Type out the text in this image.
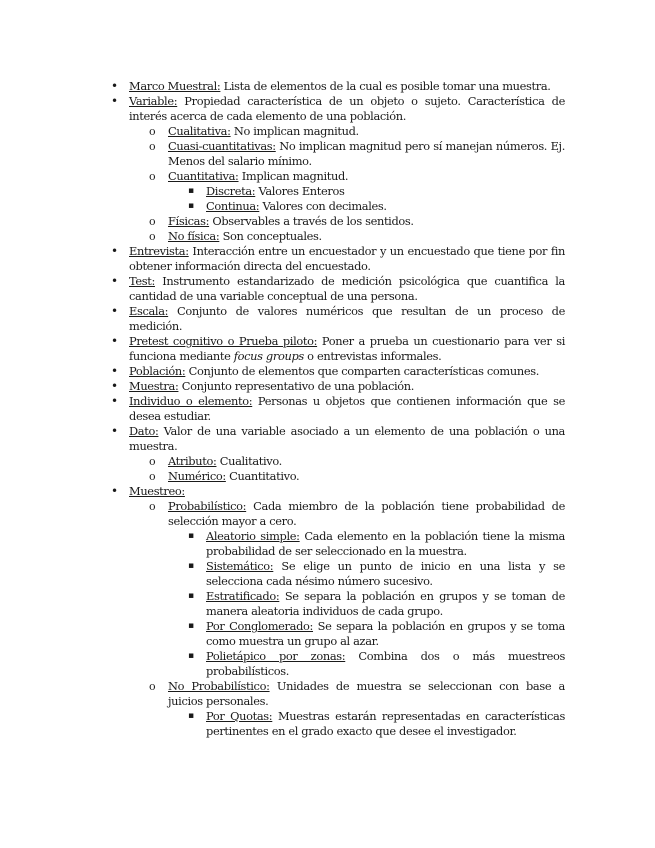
• Marco Muestral: Lista de elementos de la cual es posible tomar una muestra.
• Variable: Propiedad característica de un objeto o sujeto. Característica de interés acerca de cada elemento de una población.
o Cualitativa: No implican magnitud.
o Cuasi-cuantitativas: No implican magnitud pero sí manejan números. Ej. Menos del salario mínimo.
o Cuantitativa: Implican magnitud.
▪ Discreta: Valores Enteros
▪ Continua: Valores con decimales.
o Físicas: Observables a través de los sentidos.
o No física: Son conceptuales.
• Entrevista: Interacción entre un encuestador y un encuestado que tiene por fin obtener información directa del encuestado.
• Test: Instrumento estandarizado de medición psicológica que cuantifica la cantidad de una variable conceptual de una persona.
• Escala: Conjunto de valores numéricos que resultan de un proceso de medición.
• Pretest cognitivo o Prueba piloto: Poner a prueba un cuestionario para ver si funciona mediante focus groups o entrevistas informales.
• Población: Conjunto de elementos que comparten características comunes.
• Muestra: Conjunto representativo de una población.
• Individuo o elemento: Personas u objetos que contienen información que se desea estudiar.
• Dato: Valor de una variable asociado a un elemento de una población o una muestra.
o Atributo: Cualitativo.
o Numérico: Cuantitativo.
• Muestreo:
o Probabilístico: Cada miembro de la población tiene probabilidad de selección mayor a cero.
▪ Aleatorio simple: Cada elemento en la población tiene la misma probabilidad de ser seleccionado en la muestra.
▪ Sistemático: Se elige un punto de inicio en una lista y se selecciona cada nésimo número sucesivo.
▪ Estratificado: Se separa la población en grupos y se toman de manera aleatoria individuos de cada grupo.
▪ Por Conglomerado: Se separa la población en grupos y se toma como muestra un grupo al azar.
▪ Polietápico por zonas: Combina dos o más muestreos probabilísticos.
o No Probabilístico: Unidades de muestra se seleccionan con base a juicios personales.
▪ Por Quotas: Muestras estarán representadas en características pertinentes en el grado exacto que desee el investigador.
